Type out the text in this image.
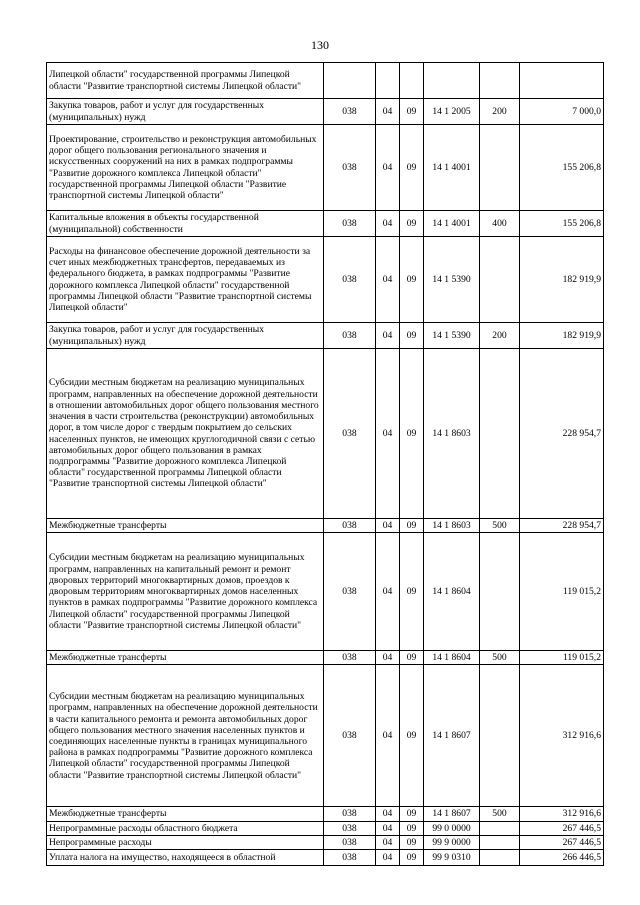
130
Липецкой области" государственной программы Липецкой области "Развитие транспортной системы Липецкой области"						
Закупка товаров, работ и услуг для государственных (муниципальных) нужд	038	04	09	14 1 2005	200	7 000,0
Проектирование, строительство и реконструкция автомобильных дорог общего пользования регионального значения и искусственных сооружений на них в рамках подпрограммы "Развитие дорожного комплекса Липецкой области" государственной программы Липецкой области "Развитие транспортной системы Липецкой области"	038	04	09	14 1 4001		155 206,8
Капитальные вложения в объекты государственной (муниципальной) собственности	038	04	09	14 1 4001	400	155 206,8
Расходы на финансовое обеспечение дорожной деятельности за счет иных межбюджетных трансфертов, передаваемых из федерального бюджета, в рамках подпрограммы "Развитие дорожного комплекса Липецкой области" государственной программы Липецкой области "Развитие транспортной системы Липецкой области"	038	04	09	14 1 5390		182 919,9
Закупка товаров, работ и услуг для государственных (муниципальных) нужд	038	04	09	14 1 5390	200	182 919,9
Субсидии местным бюджетам на реализацию муниципальных программ, направленных на обеспечение дорожной деятельности в отношении автомобильных дорог общего пользования местного значения в части строительства (реконструкции) автомобильных дорог, в том числе дорог с твердым покрытием до сельских населенных пунктов, не имеющих круглогодичной связи с сетью автомобильных дорог общего пользования в рамках подпрограммы "Развитие дорожного комплекса Липецкой области" государственной программы Липецкой области "Развитие транспортной системы Липецкой области"	038	04	09	14 1 8603		228 954,7
Межбюджетные трансферты	038	04	09	14 1 8603	500	228 954,7
Субсидии местным бюджетам на реализацию муниципальных программ, направленных на капитальный ремонт и ремонт дворовых территорий многоквартирных домов, проездов к дворовым территориям многоквартирных домов населенных пунктов в рамках подпрограммы "Развитие дорожного комплекса Липецкой области" государственной программы Липецкой области "Развитие транспортной системы Липецкой области"	038	04	09	14 1 8604		119 015,2
Межбюджетные трансферты	038	04	09	14 1 8604	500	119 015,2
Субсидии местным бюджетам на реализацию муниципальных программ, направленных на обеспечение дорожной деятельности в части капитального ремонта и ремонта автомобильных дорог общего пользования местного значения населенных пунктов и соединяющих населенные пункты в границах муниципального района в рамках подпрограммы "Развитие дорожного комплекса Липецкой области" государственной программы Липецкой области "Развитие транспортной системы Липецкой области"	038	04	09	14 1 8607		312 916,6
Межбюджетные трансферты	038	04	09	14 1 8607	500	312 916,6
Непрограммные расходы областного бюджета	038	04	09	99 0 0000		267 446,5
Непрограммные расходы	038	04	09	99 9 0000		267 446,5
Уплата налога на имущество, находящееся в областной	038	04	09	99 9 0310		266 446,5
